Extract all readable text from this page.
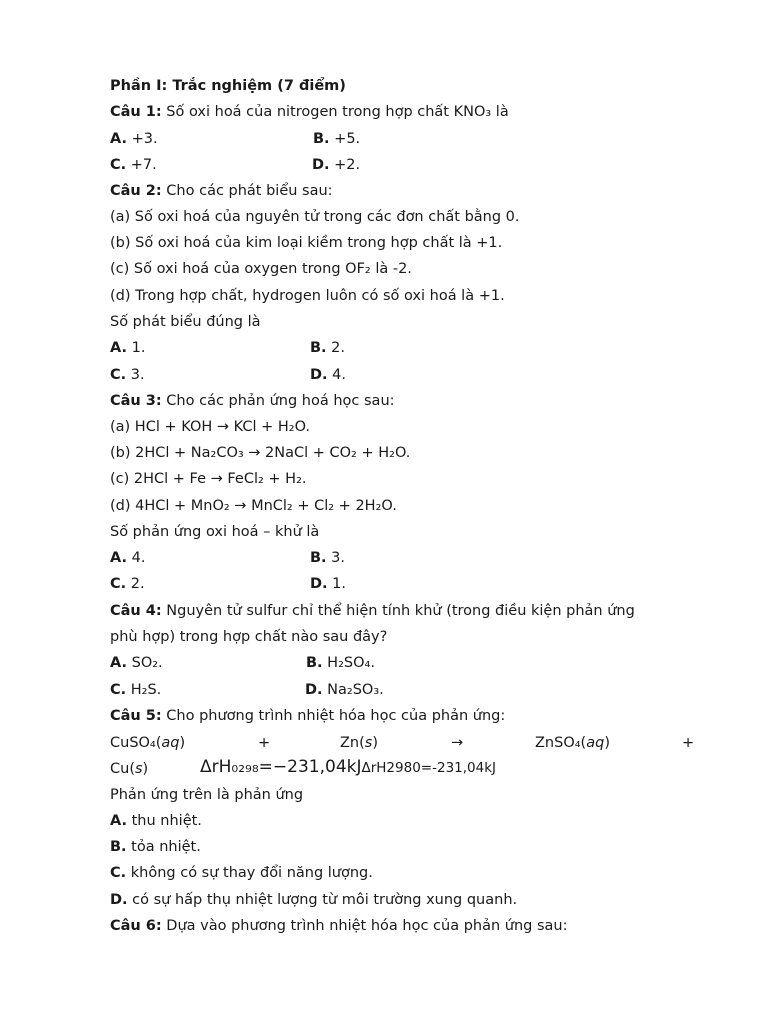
Phần I: Trắc nghiệm (7 điểm)
Câu 1: Số oxi hoá của nitrogen trong hợp chất KNO₃ là
A. +3.	B. +5.
C. +7.	D. +2.
Câu 2: Cho các phát biểu sau:
(a) Số oxi hoá của nguyên tử trong các đơn chất bằng 0.
(b) Số oxi hoá của kim loại kiềm trong hợp chất là +1.
(c) Số oxi hoá của oxygen trong OF₂ là -2.
(d) Trong hợp chất, hydrogen luôn có số oxi hoá là +1.
Số phát biểu đúng là
A. 1.	B. 2.
C. 3.	D. 4.
Câu 3: Cho các phản ứng hoá học sau:
(a) HCl + KOH → KCl + H₂O.
(b) 2HCl + Na₂CO₃ → 2NaCl + CO₂ + H₂O.
(c) 2HCl + Fe → FeCl₂ + H₂.
(d) 4HCl + MnO₂ → MnCl₂ + Cl₂ + 2H₂O.
Số phản ứng oxi hoá – khử là
A. 4.	B. 3.
C. 2.	D. 1.
Câu 4: Nguyên tử sulfur chỉ thể hiện tính khử (trong điều kiện phản ứng
phù hợp) trong hợp chất nào sau đây?
A. SO₂.	B. H₂SO₄.
C. H₂S.	D. Na₂SO₃.
Câu 5: Cho phương trình nhiệt hóa học của phản ứng:
CuSO₄(aq)	+	Zn(s)	→	ZnSO₄(aq)	+
Cu(s)	ΔrH₀₂₉₈=−231,04kJΔrH2980=-231,04kJ
Phản ứng trên là phản ứng
A. thu nhiệt.
B. tỏa nhiệt.
C. không có sự thay đổi năng lượng.
D. có sự hấp thụ nhiệt lượng từ môi trường xung quanh.
Câu 6: Dựa vào phương trình nhiệt hóa học của phản ứng sau:
